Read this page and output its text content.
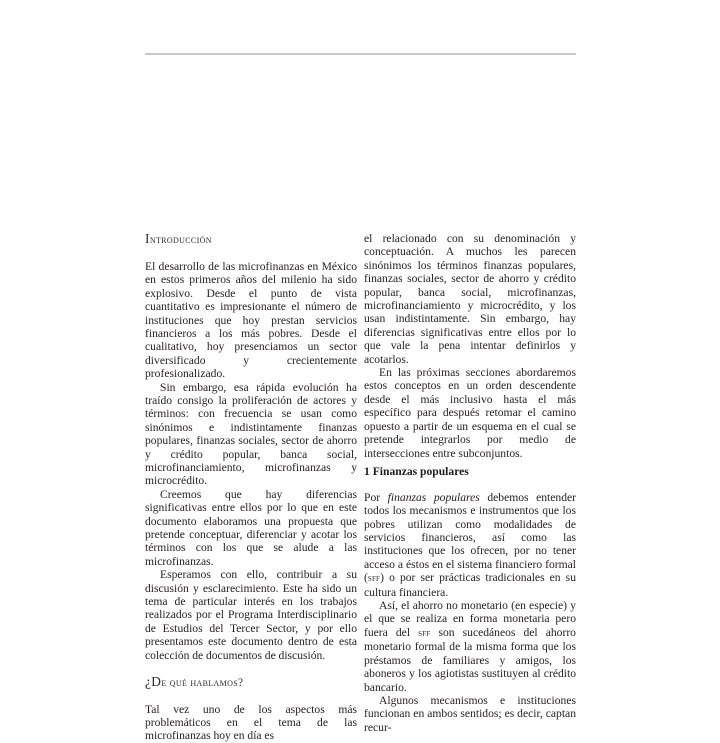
Introducción

El desarrollo de las microfinanzas en México en estos primeros años del milenio ha sido explosivo. Desde el punto de vista cuantitativo es impresionante el número de instituciones que hoy prestan servicios financieros a los más pobres. Desde el cualitativo, hoy presenciamos un sector diversificado y crecientemente profesionalizado.

Sin embargo, esa rápida evolución ha traído consigo la proliferación de actores y términos: con frecuencia se usan como sinónimos e indistintamente finanzas populares, finanzas sociales, sector de ahorro y crédito popular, banca social, microfinanciamiento, microfinanzas y microcrédito.

Creemos que hay diferencias significativas entre ellos por lo que en este documento elaboramos una propuesta que pretende conceptuar, diferenciar y acotar los términos con los que se alude a las microfinanzas.

Esperamos con ello, contribuir a su discusión y esclarecimiento. Este ha sido un tema de particular interés en los trabajos realizados por el Programa Interdisciplinario de Estudios del Tercer Sector, y por ello presentamos este documento dentro de esta colección de documentos de discusión.

¿De qué hablamos?

Tal vez uno de los aspectos más problemáticos en el tema de las microfinanzas hoy en día es

el relacionado con su denominación y conceptuación. A muchos les parecen sinónimos los términos finanzas populares, finanzas sociales, sector de ahorro y crédito popular, banca social, microfinanzas, microfinanciamiento y microcrédito, y los usan indistintamente. Sin embargo, hay diferencias significativas entre ellos por lo que vale la pena intentar definirlos y acotarlos.

En las próximas secciones abordaremos estos conceptos en un orden descendente desde el más inclusivo hasta el más específico para después retomar el camino opuesto a partir de un esquema en el cual se pretende integrarlos por medio de intersecciones entre subconjuntos.

1 Finanzas populares

Por finanzas populares debemos entender todos los mecanismos e instrumentos que los pobres utilizan como modalidades de servicios financieros, así como las instituciones que los ofrecen, por no tener acceso a éstos en el sistema financiero formal (sff) o por ser prácticas tradicionales en su cultura financiera.

Así, el ahorro no monetario (en especie) y el que se realiza en forma monetaria pero fuera del sff son sucedáneos del ahorro monetario formal de la misma forma que los préstamos de familiares y amigos, los aboneros y los agiotistas sustituyen al crédito bancario.

Algunos mecanismos e instituciones funcionan en ambos sentidos; es decir, captan recur-
